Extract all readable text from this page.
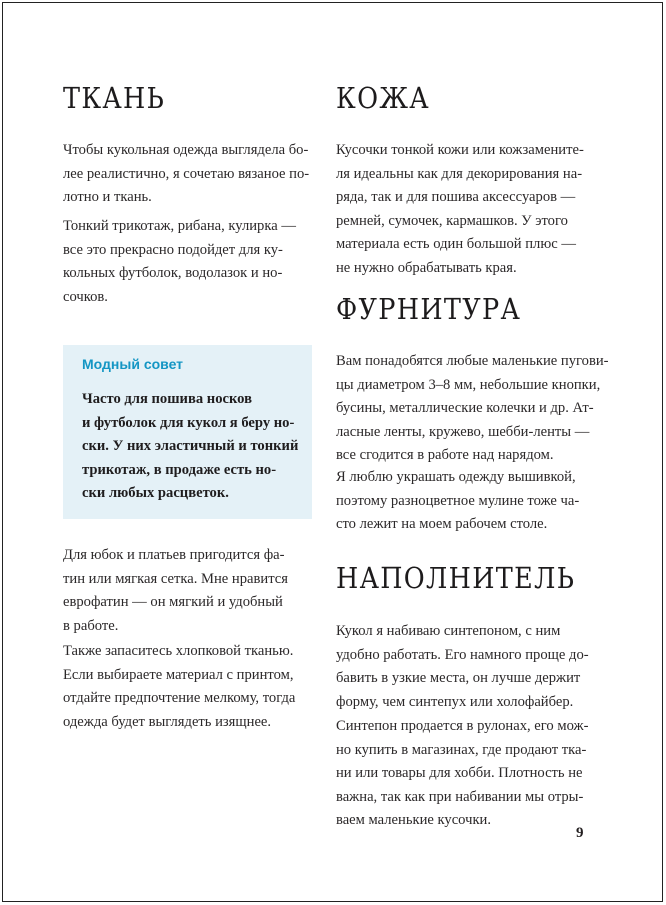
ТКАНЬ
Чтобы кукольная одежда выглядела бо-
лее реалистично, я сочетаю вязаное по-
лотно и ткань.
Тонкий трикотаж, рибана, кулирка —
все это прекрасно подойдет для ку-
кольных футболок, водолазок и но-
сочков.
Модный совет
Часто для пошива носков
и футболок для кукол я беру но-
ски. У них эластичный и тонкий
трикотаж, в продаже есть но-
ски любых расцветок.
Для юбок и платьев пригодится фа-
тин или мягкая сетка. Мне нравится
еврофатин — он мягкий и удобный
в работе.
Также запаситесь хлопковой тканью.
Если выбираете материал с принтом,
отдайте предпочтение мелкому, тогда
одежда будет выглядеть изящнее.
КОЖА
Кусочки тонкой кожи или кожзамените-
ля идеальны как для декорирования на-
ряда, так и для пошива аксессуаров —
ремней, сумочек, кармашков. У этого
материала есть один большой плюс —
не нужно обрабатывать края.
ФУРНИТУРА
Вам понадобятся любые маленькие пугови-
цы диаметром 3–8 мм, небольшие кнопки,
бусины, металлические колечки и др. Ат-
ласные ленты, кружево, шебби-ленты —
все сгодится в работе над нарядом.
Я люблю украшать одежду вышивкой,
поэтому разноцветное мулине тоже ча-
сто лежит на моем рабочем столе.
НАПОЛНИТЕЛЬ
Кукол я набиваю синтепоном, с ним
удобно работать. Его намного проще до-
бавить в узкие места, он лучше держит
форму, чем синтепух или холофайбер.
Синтепон продается в рулонах, его мож-
но купить в магазинах, где продают тка-
ни или товары для хобби. Плотность не
важна, так как при набивании мы отры-
ваем маленькие кусочки.
9
